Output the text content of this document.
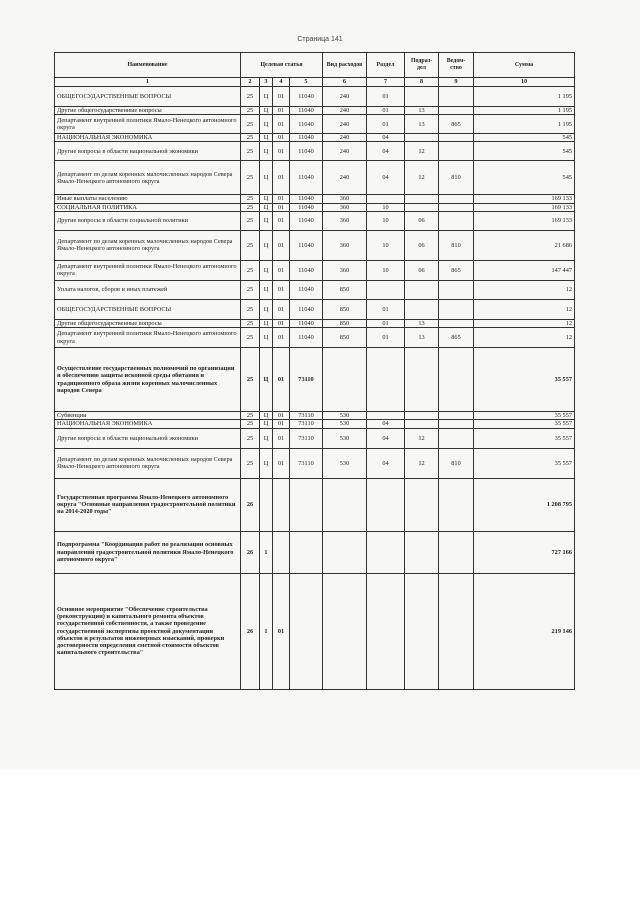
Страница 141
Наименование	Целевая статья				Вид расходов	Раздел	Подраз-дел	Ведом-ство	Сумма
1	2	3	4	5	6	7	8	9	10
ОБЩЕГОСУДАРСТВЕННЫЕ ВОПРОСЫ	25	Ц	01	11040	240	01			1 195
Другие общегосударственные вопросы	25	Ц	01	11040	240	01	13		1 195
Департамент внутренней политики Ямало-Ненецкого автономного округа	25	Ц	01	11040	240	01	13	865	1 195
НАЦИОНАЛЬНАЯ ЭКОНОМИКА	25	Ц	01	11040	240	04			545
Другие вопросы в области национальной экономики	25	Ц	01	11040	240	04	12		545
Департамент по делам коренных малочисленных народов Севера Ямало-Ненецкого автономного округа	25	Ц	01	11040	240	04	12	810	545
Иные выплаты населению	25	Ц	01	11040	360				169 133
СОЦИАЛЬНАЯ ПОЛИТИКА	25	Ц	01	11040	360	10			169 133
Другие вопросы в области социальной политики	25	Ц	01	11040	360	10	06		169 133
Департамент по делам коренных малочисленных народов Севера Ямало-Ненецкого автономного округа	25	Ц	01	11040	360	10	06	810	21 686
Департамент внутренней политики Ямало-Ненецкого автономного округа	25	Ц	01	11040	360	10	06	865	147 447
Уплата налогов, сборов и иных платежей	25	Ц	01	11040	850				12
ОБЩЕГОСУДАРСТВЕННЫЕ ВОПРОСЫ	25	Ц	01	11040	850	01			12
Другие общегосударственные вопросы	25	Ц	01	11040	850	01	13		12
Департамент внутренней политики Ямало-Ненецкого автономного округа	25	Ц	01	11040	850	01	13	865	12
Осуществление государственных полномочий по организации и обеспечению защиты исконной среды обитания и традиционного образа жизни коренных малочисленных народов Севера	25	Ц	01	73110					35 557
Субвенции	25	Ц	01	73110	530				35 557
НАЦИОНАЛЬНАЯ ЭКОНОМИКА	25	Ц	01	73110	530	04			35 557
Другие вопросы в области национальной экономики	25	Ц	01	73110	530	04	12		35 557
Департамент по делам коренных малочисленных народов Севера Ямало-Ненецкого автономного округа	25	Ц	01	73110	530	04	12	810	35 557
Государственная программа Ямало-Ненецкого автономного округа "Основные направления градостроительной политики на 2014-2020 годы"	26								1 208 795
Подпрограмма "Координация работ по реализации основных направлений градостроительной политики Ямало-Ненецкого автономного округа"	26	1							727 166
Основное мероприятие "Обеспечение строительства (реконструкции) и капитального ремонта объектов государственной собственности, а также проведение государственной экспертизы проектной документации объектов и результатов инженерных изысканий, проверки достоверности определения сметной стоимости объектов капитального строительства"	26	1	01						219 146
